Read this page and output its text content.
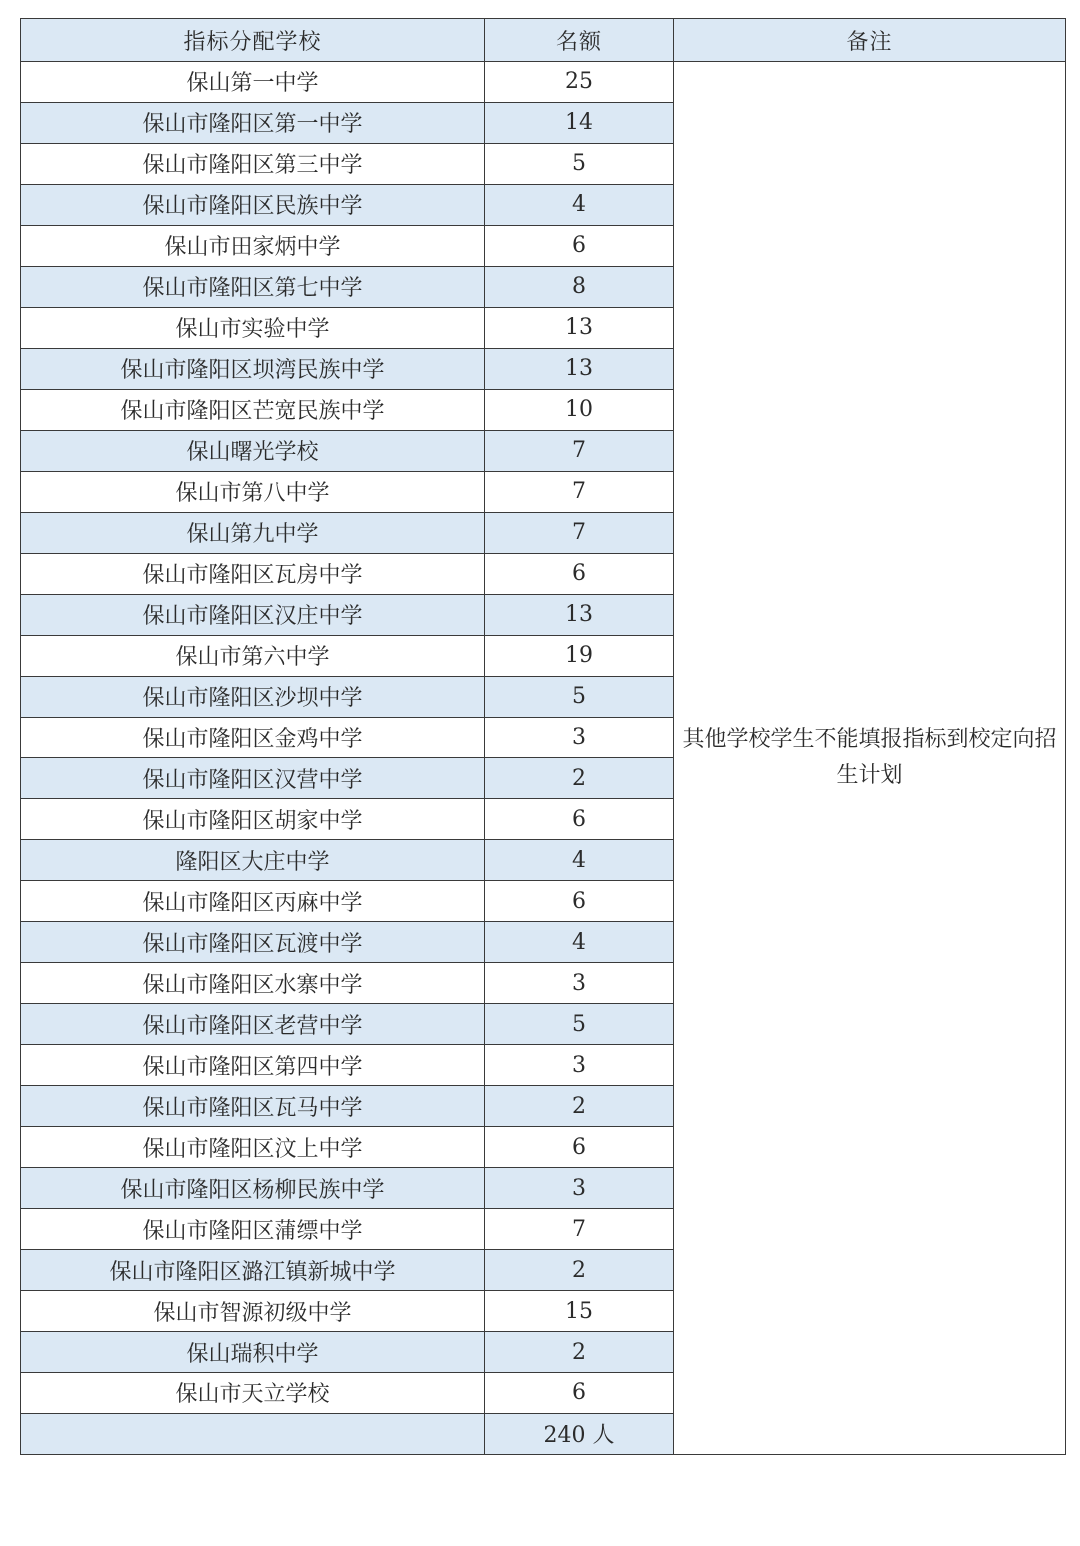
指标分配学校	名额	备注
保山第一中学	25	其他学校学生不能填报指标到校定向招生计划
保山市隆阳区第一中学	14	
保山市隆阳区第三中学	5	
保山市隆阳区民族中学	4	
保山市田家炳中学	6	
保山市隆阳区第七中学	8	
保山市实验中学	13	
保山市隆阳区坝湾民族中学	13	
保山市隆阳区芒宽民族中学	10	
保山曙光学校	7	
保山市第八中学	7	
保山第九中学	7	
保山市隆阳区瓦房中学	6	
保山市隆阳区汉庄中学	13	
保山市第六中学	19	
保山市隆阳区沙坝中学	5	
保山市隆阳区金鸡中学	3	
保山市隆阳区汉营中学	2	
保山市隆阳区胡家中学	6	
隆阳区大庄中学	4	
保山市隆阳区丙麻中学	6	
保山市隆阳区瓦渡中学	4	
保山市隆阳区水寨中学	3	
保山市隆阳区老营中学	5	
保山市隆阳区第四中学	3	
保山市隆阳区瓦马中学	2	
保山市隆阳区汶上中学	6	
保山市隆阳区杨柳民族中学	3	
保山市隆阳区蒲缥中学	7	
保山市隆阳区潞江镇新城中学	2	
保山市智源初级中学	15	
保山瑞积中学	2	
保山市天立学校	6	
	240 人	
